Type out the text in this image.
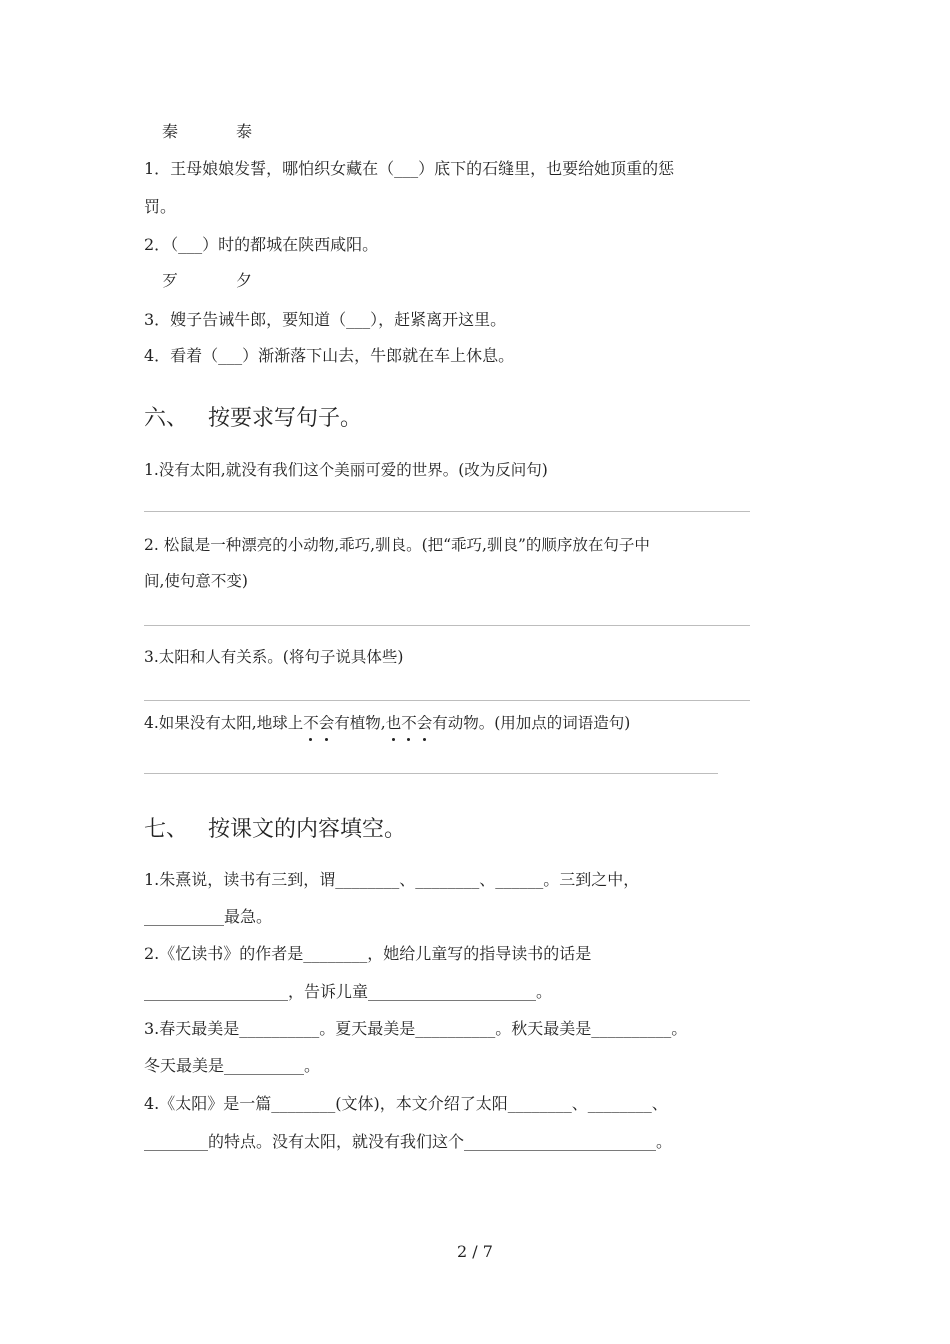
秦	泰
1．王母娘娘发誓，哪怕织女藏在（___）底下的石缝里，也要给她顶重的惩
罚。
2．（___）时的都城在陕西咸阳。
歹	夕
3．嫂子告诫牛郎，要知道（___），赶紧离开这里。
4．看着（___）渐渐落下山去，牛郎就在车上休息。
六、 按要求写句子。
1.没有太阳,就没有我们这个美丽可爱的世界。(改为反问句)
2. 松鼠是一种漂亮的小动物,乖巧,驯良。(把“乖巧,驯良”的顺序放在句子中
间,使句意不变)
3.太阳和人有关系。(将句子说具体些)
4.如果没有太阳,地球上不会有植物,也不会有动物。(用加点的词语造句)
七、 按课文的内容填空。
1.朱熹说，读书有三到，谓________、________、______。三到之中，
__________最急。
2.《忆读书》的作者是________，她给儿童写的指导读书的话是
__________________，告诉儿童_____________________。
3.春天最美是__________。夏天最美是__________。秋天最美是__________。
冬天最美是__________。
4.《太阳》是一篇________(文体)，本文介绍了太阳________、________、
________的特点。没有太阳，就没有我们这个________________________。
2 / 7
